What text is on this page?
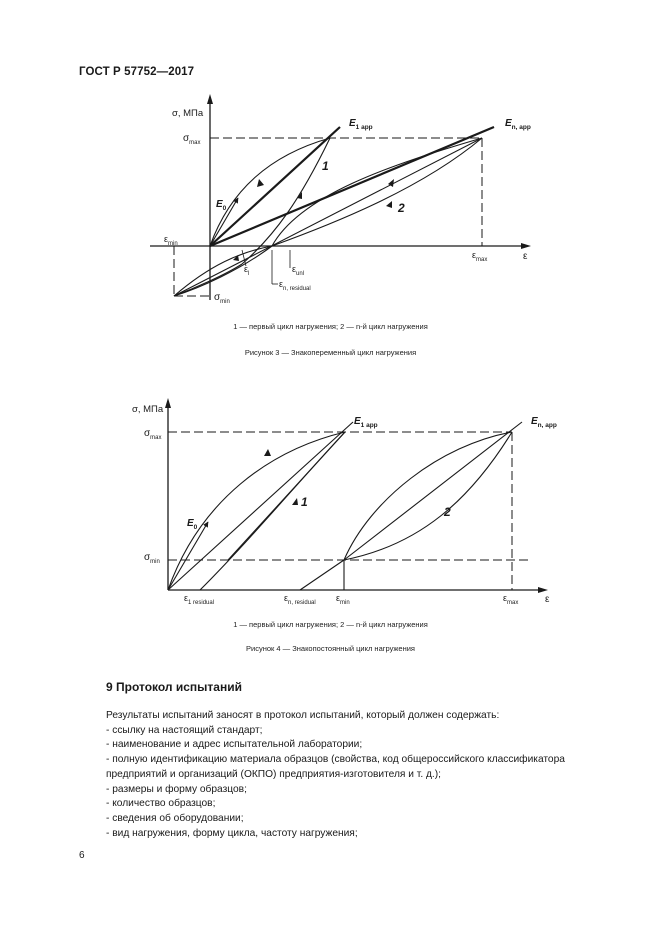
ГОСТ Р 57752—2017
σ, МПа
ε
$\sigma_{max}$
$\varepsilon_{min}$
$\sigma_{min}$
$\varepsilon_{max}$
$E_{1 app}$	$E_{n, app}$
$E_0$
$\varepsilon_l$	$\varepsilon_{unl}$
$\varepsilon_{n, residual}$
1
2
1 — первый цикл нагружения; 2 — n-й цикл нагружения
Рисунок 3 — Знакопеременный цикл нагружения
σ, МПа
ε
$\sigma_{max}$
$\sigma_{min}$
$E_{1 app}$	$E_{n, app}$
$E_0$
$\varepsilon_{1 residual}$	$\varepsilon_{n, residual}$ $\varepsilon_{min}$	$\varepsilon_{max}$
1
2
1 — первый цикл нагружения; 2 — n-й цикл нагружения
Рисунок 4 — Знакопостоянный цикл нагружения
9 Протокол испытаний

Результаты испытаний заносят в протокол испытаний, который должен содержать:

- ссылку на настоящий стандарт;
- наименование и адрес испытательной лаборатории;
- полную идентификацию материала образцов (свойства, код общероссийского классификатора предприятий и организаций (ОКПО) предприятия-изготовителя и т. д.);
- размеры и форму образцов;
- количество образцов;
- сведения об оборудовании;
- вид нагружения, форму цикла, частоту нагружения;
6
